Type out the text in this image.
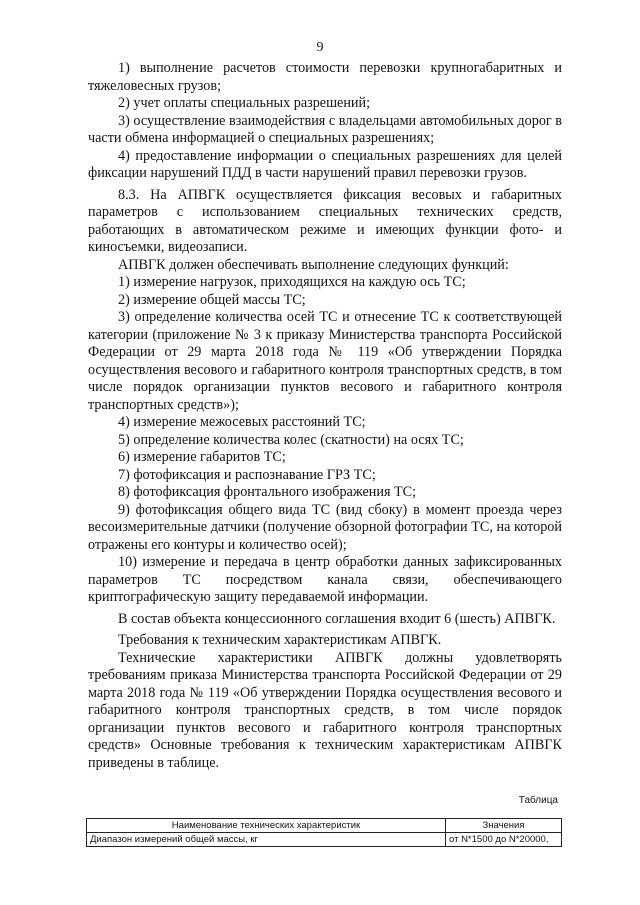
9

1) выполнение расчетов стоимости перевозки крупногабаритных и тяжеловесных грузов;

2) учет оплаты специальных разрешений;

3) осуществление взаимодействия с владельцами автомобильных дорог в части обмена информацией о специальных разрешениях;

4) предоставление информации о специальных разрешениях для целей фиксации нарушений ПДД в части нарушений правил перевозки грузов.

8.3. На АПВГК осуществляется фиксация весовых и габаритных параметров с использованием специальных технических средств, работающих в автоматическом режиме и имеющих функции фото- и киносъемки, видеозаписи.

АПВГК должен обеспечивать выполнение следующих функций:

1) измерение нагрузок, приходящихся на каждую ось ТС;

2) измерение общей массы ТС;

3) определение количества осей ТС и отнесение ТС к соответствующей категории (приложение № 3 к приказу Министерства транспорта Российской Федерации от 29 марта 2018 года № 119 «Об утверждении Порядка осуществления весового и габаритного контроля транспортных средств, в том числе порядок организации пунктов весового и габаритного контроля транспортных средств»);

4) измерение межосевых расстояний ТС;

5) определение количества колес (скатности) на осях ТС;

6) измерение габаритов ТС;

7) фотофиксация и распознавание ГРЗ ТС;

8) фотофиксация фронтального изображения ТС;

9) фотофиксация общего вида ТС (вид сбоку) в момент проезда через весоизмерительные датчики (получение обзорной фотографии ТС, на которой отражены его контуры и количество осей);

10) измерение и передача в центр обработки данных зафиксированных параметров ТС посредством канала связи, обеспечивающего криптографическую защиту передаваемой информации.

В состав объекта концессионного соглашения входит 6 (шесть) АПВГК.

Требования к техническим характеристикам АПВГК.

Технические характеристики АПВГК должны удовлетворять требованиям приказа Министерства транспорта Российской Федерации от 29 марта 2018 года № 119 «Об утверждении Порядка осуществления весового и габаритного контроля транспортных средств, в том числе порядок организации пунктов весового и габаритного контроля транспортных средств» Основные требования к техническим характеристикам АПВГК приведены в таблице.

Таблица
Наименование технических характеристик	Значения
Диапазон измерений общей массы, кг	от N*1500 до N*20000,
